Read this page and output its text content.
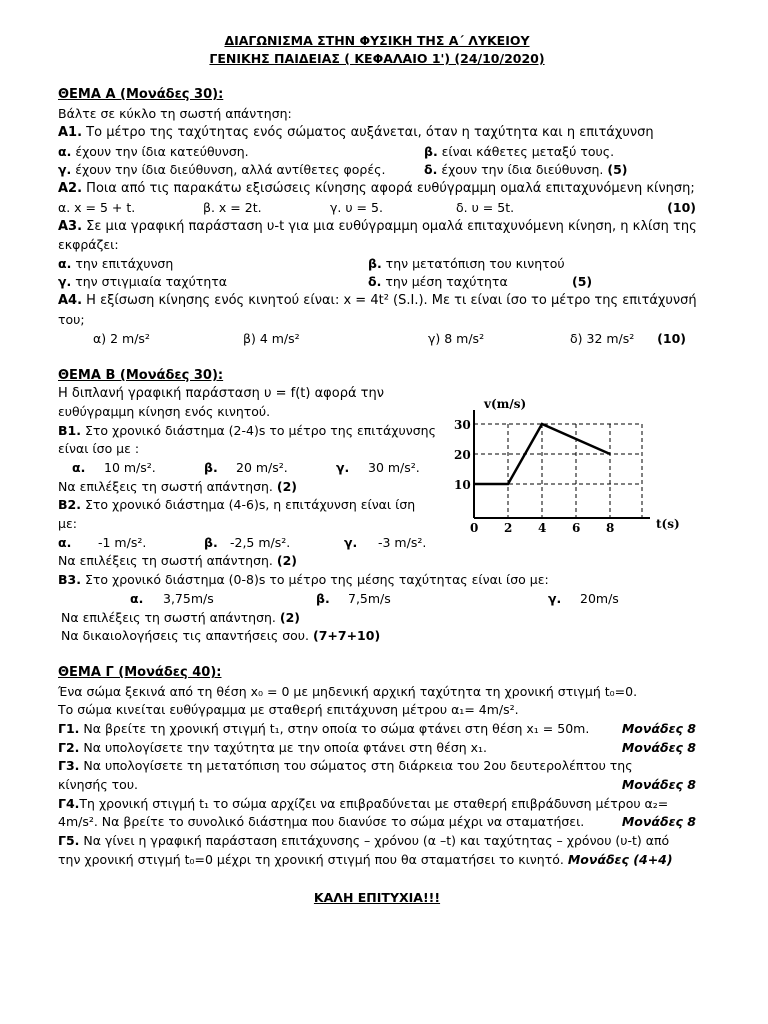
ΔΙΑΓΩΝΙΣΜΑ ΣΤΗΝ ΦΥΣΙΚΗ ΤΗΣ Α΄ ΛΥΚΕΙΟΥ
ΓΕΝΙΚΗΣ ΠΑΙΔΕΙΑΣ ( ΚΕΦΑΛΑΙΟ 1') (24/10/2020)
ΘΕΜΑ Α (Μονάδες 30):
Βάλτε σε κύκλο τη σωστή απάντηση:
Α1. Το μέτρο της ταχύτητας ενός σώματος αυξάνεται, όταν η ταχύτητα και η επιτάχυνση
α. έχουν την ίδια κατεύθυνση.	β. είναι κάθετες μεταξύ τους.
γ. έχουν την ίδια διεύθυνση, αλλά αντίθετες φορές.	δ. έχουν την ίδια διεύθυνση. (5)
Α2. Ποια από τις παρακάτω εξισώσεις κίνησης αφορά ευθύγραμμη ομαλά επιταχυνόμενη κίνηση;
α. x = 5 + t.	β. x = 2t.	γ. υ = 5.	δ. υ = 5t.	(10)
Α3. Σε μια γραφική παράσταση υ-t για μια ευθύγραμμη ομαλά επιταχυνόμενη κίνηση, η κλίση της
εκφράζει:
α. την επιτάχυνση	β. την μετατόπιση του κινητού
γ. την στιγμιαία ταχύτητα	δ. την μέση ταχύτητα	(5)
Α4. Η εξίσωση κίνησης ενός κινητού είναι: x = 4t² (S.I.). Με τι είναι ίσο το μέτρο της επιτάχυνσή
του;
α) 2 m/s²	β) 4 m/s²	γ) 8 m/s²	δ) 32 m/s² (10)
ΘΕΜΑ Β (Μονάδες 30):
Η διπλανή γραφική παράσταση υ = f(t) αφορά την
ευθύγραμμη κίνηση ενός κινητού.
Β1. Στο χρονικό διάστημα (2-4)s το μέτρο της επιτάχυνσης
είναι ίσο με :
α. 10 m/s².	β. 20 m/s².	γ. 30 m/s².
Να επιλέξεις τη σωστή απάντηση. (2)
Β2. Στο χρονικό διάστημα (4-6)s, η επιτάχυνση είναι ίση
με:
α. -1 m/s².	β. -2,5 m/s².	γ. -3 m/s².
Να επιλέξεις τη σωστή απάντηση. (2)
Β3. Στο χρονικό διάστημα (0-8)s το μέτρο της μέσης ταχύτητας είναι ίσο με:
α. 3,75m/s	β. 7,5m/s	γ. 20m/s
Να επιλέξεις τη σωστή απάντηση. (2)
Να δικαιολογήσεις τις απαντήσεις σου. (7+7+10)
v(m/s)
t(s)
30
20
10
0 2 4 6 8
ΘΕΜΑ Γ (Μονάδες 40):
Ένα σώμα ξεκινά από τη θέση x₀ = 0 με μηδενική αρχική ταχύτητα τη χρονική στιγμή t₀=0.
Το σώμα κινείται ευθύγραμμα με σταθερή επιτάχυνση μέτρου α₁= 4m/s².
Γ1. Να βρείτε τη χρονική στιγμή t₁, στην οποία το σώμα φτάνει στη θέση x₁ = 50m.	Μονάδες 8
Γ2. Να υπολογίσετε την ταχύτητα με την οποία φτάνει στη θέση x₁.	Μονάδες 8
Γ3. Να υπολογίσετε τη μετατόπιση του σώματος στη διάρκεια του 2ου δευτερολέπτου της
κίνησής του.	Μονάδες 8
Γ4.Τη χρονική στιγμή t₁ το σώμα αρχίζει να επιβραδύνεται με σταθερή επιβράδυνση μέτρου α₂=
4m/s². Να βρείτε το συνολικό διάστημα που διανύσε το σώμα μέχρι να σταματήσει.	Μονάδες 8
Γ5. Να γίνει η γραφική παράσταση επιτάχυνσης – χρόνου (α –t) και ταχύτητας – χρόνου (υ-t) από
την χρονική στιγμή t₀=0 μέχρι τη χρονική στιγμή που θα σταματήσει το κινητό. Μονάδες (4+4)
ΚΑΛΗ ΕΠΙΤΥΧΙΑ!!!
